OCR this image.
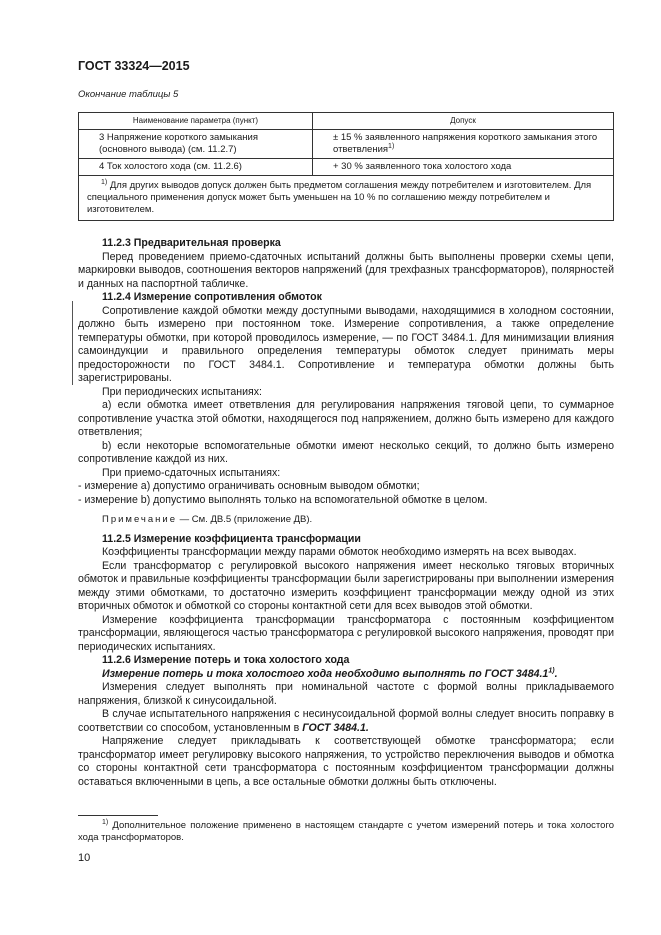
ГОСТ 33324—2015
Окончание таблицы 5
Наименование параметра (пункт)	Допуск
3 Напряжение короткого замыкания (основного вывода) (см. 11.2.7)	± 15 % заявленного напряжения короткого замыкания этого ответвления$^{1)}$
4 Ток холостого хода (см. 11.2.6)	+ 30 % заявленного тока холостого хода
$^{1)}$ Для других выводов допуск должен быть предметом соглашения между потребителем и изготовителем. Для специального применения допуск может быть уменьшен на 10 % по соглашению между потребителем и изготовителем.	

11.2.3 Предварительная проверка

Перед проведением приемо-сдаточных испытаний должны быть выполнены проверки схемы цепи, маркировки выводов, соотношения векторов напряжений (для трехфазных трансформаторов), полярностей и данных на паспортной табличке.

11.2.4 Измерение сопротивления обмоток

Сопротивление каждой обмотки между доступными выводами, находящимися в холодном состоянии, должно быть измерено при постоянном токе. Измерение сопротивления, а также определение температуры обмотки, при которой проводилось измерение, — по ГОСТ 3484.1. Для минимизации влияния самоиндукции и правильного определения температуры обмоток следует принимать меры предосторожности по ГОСТ 3484.1. Сопротивление и температура обмотки должны быть зарегистрированы.

При периодических испытаниях:

a) если обмотка имеет ответвления для регулирования напряжения тяговой цепи, то суммарное сопротивление участка этой обмотки, находящегося под напряжением, должно быть измерено для каждого ответвления;

b) если некоторые вспомогательные обмотки имеют несколько секций, то должно быть измерено сопротивление каждой из них.

При приемо-сдаточных испытаниях:

- измерение a) допустимо ограничивать основным выводом обмотки;

- измерение b) допустимо выполнять только на вспомогательной обмотке в целом.

Примечание — См. ДВ.5 (приложение ДВ).

11.2.5 Измерение коэффициента трансформации

Коэффициенты трансформации между парами обмоток необходимо измерять на всех выводах.

Если трансформатор с регулировкой высокого напряжения имеет несколько тяговых вторичных обмоток и правильные коэффициенты трансформации были зарегистрированы при выполнении измерения между этими обмотками, то достаточно измерить коэффициент трансформации между одной из этих вторичных обмоток и обмоткой со стороны контактной сети для всех выводов этой обмотки.

Измерение коэффициента трансформации трансформатора с постоянным коэффициентом трансформации, являющегося частью трансформатора с регулировкой высокого напряжения, проводят при периодических испытаниях.

11.2.6 Измерение потерь и тока холостого хода

Измерение потерь и тока холостого хода необходимо выполнять по ГОСТ 3484.1$^{1)}$.

Измерения следует выполнять при номинальной частоте с формой волны прикладываемого напряжения, близкой к синусоидальной.

В случае испытательного напряжения с несинусоидальной формой волны следует вносить поправку в соответствии со способом, установленным в ГОСТ 3484.1.

Напряжение следует прикладывать к соответствующей обмотке трансформатора; если трансформатор имеет регулировку высокого напряжения, то устройство переключения выводов и обмотка со стороны контактной сети трансформатора с постоянным коэффициентом трансформации должны оставаться включенными в цепь, а все остальные обмотки должны быть отключены.

$^{1)}$ Дополнительное положение применено в настоящем стандарте с учетом измерений потерь и тока холостого хода трансформаторов.
10
